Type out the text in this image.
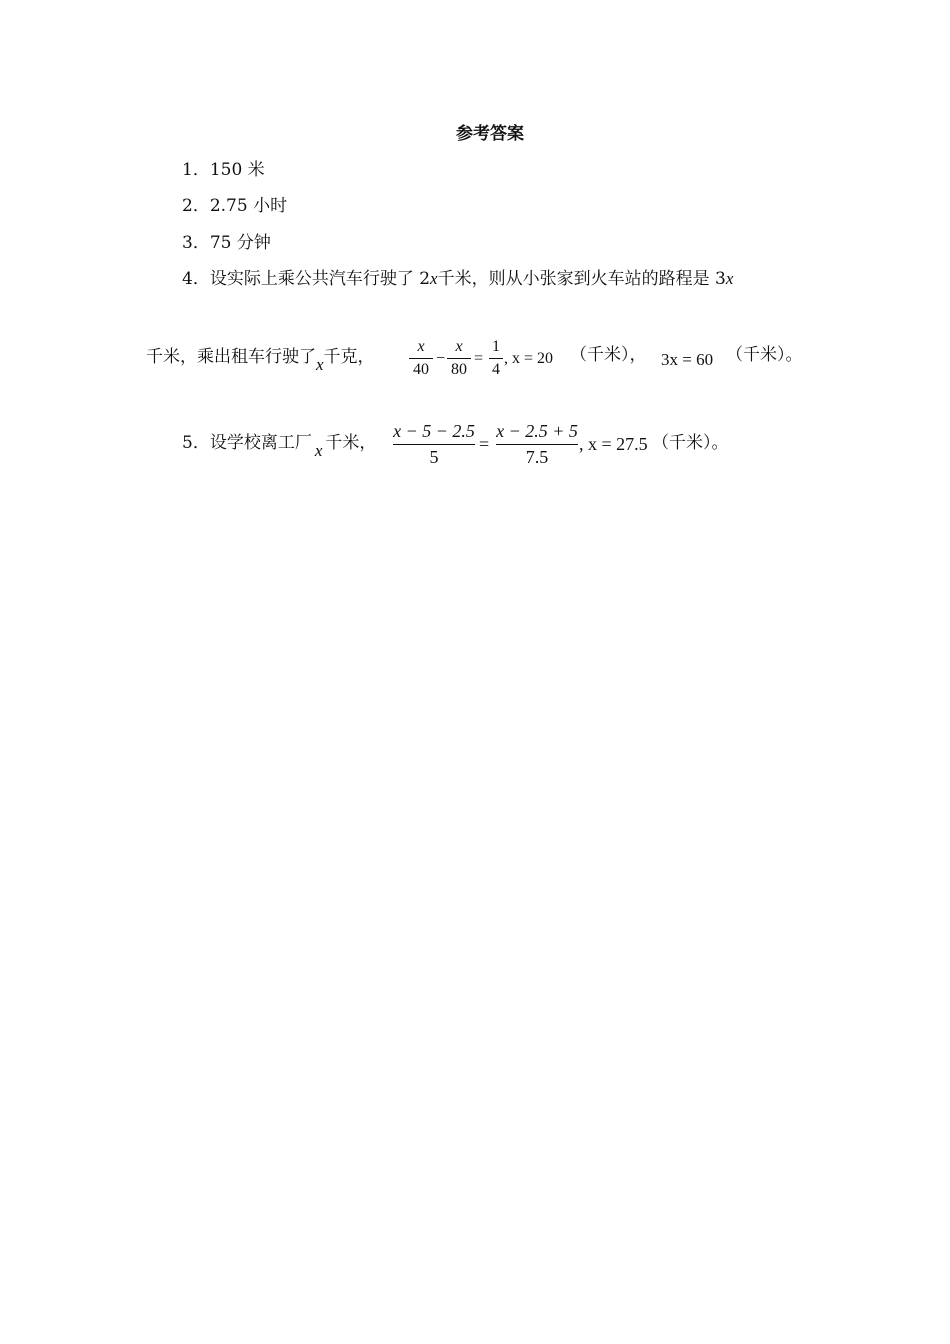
参考答案
1．150 米
2．2.75 小时
3．75 分钟
4．设实际上乘公共汽车行驶了 2x千米，则从小张家到火车站的路程是 3x
千米，乘出租车行驶了x千克，
x
40
−
x
80
=
1
4
, x = 20 （千米）， 3x = 60 （千米）。
5．设学校离工厂 x 千米，
x − 5 − 2.5
5
=
x − 2.5 + 5
7.5
, x = 27.5 （千米）。
